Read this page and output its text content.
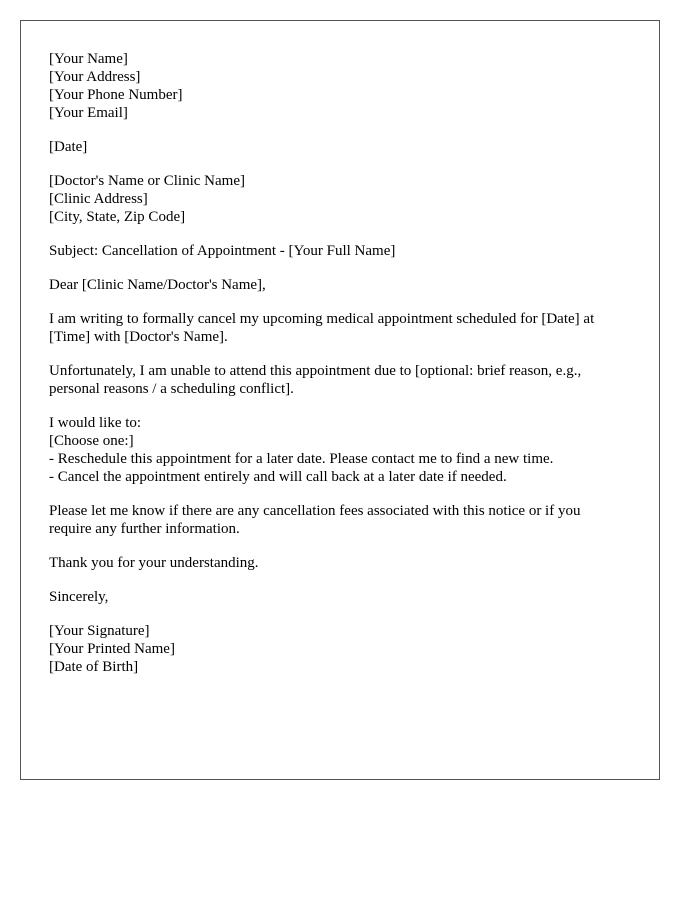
[Your Name]
[Your Address]
[Your Phone Number]
[Your Email]
[Date]
[Doctor's Name or Clinic Name]
[Clinic Address]
[City, State, Zip Code]

Subject: Cancellation of Appointment - [Your Full Name]

Dear [Clinic Name/Doctor's Name],

I am writing to formally cancel my upcoming medical appointment scheduled for [Date] at
[Time] with [Doctor's Name].

Unfortunately, I am unable to attend this appointment due to [optional: brief reason, e.g.,
personal reasons / a scheduling conflict].

I would like to:
[Choose one:]
- Reschedule this appointment for a later date. Please contact me to find a new time.
- Cancel the appointment entirely and will call back at a later date if needed.

Please let me know if there are any cancellation fees associated with this notice or if you
require any further information.

Thank you for your understanding.

Sincerely,

[Your Signature]
[Your Printed Name]
[Date of Birth]
